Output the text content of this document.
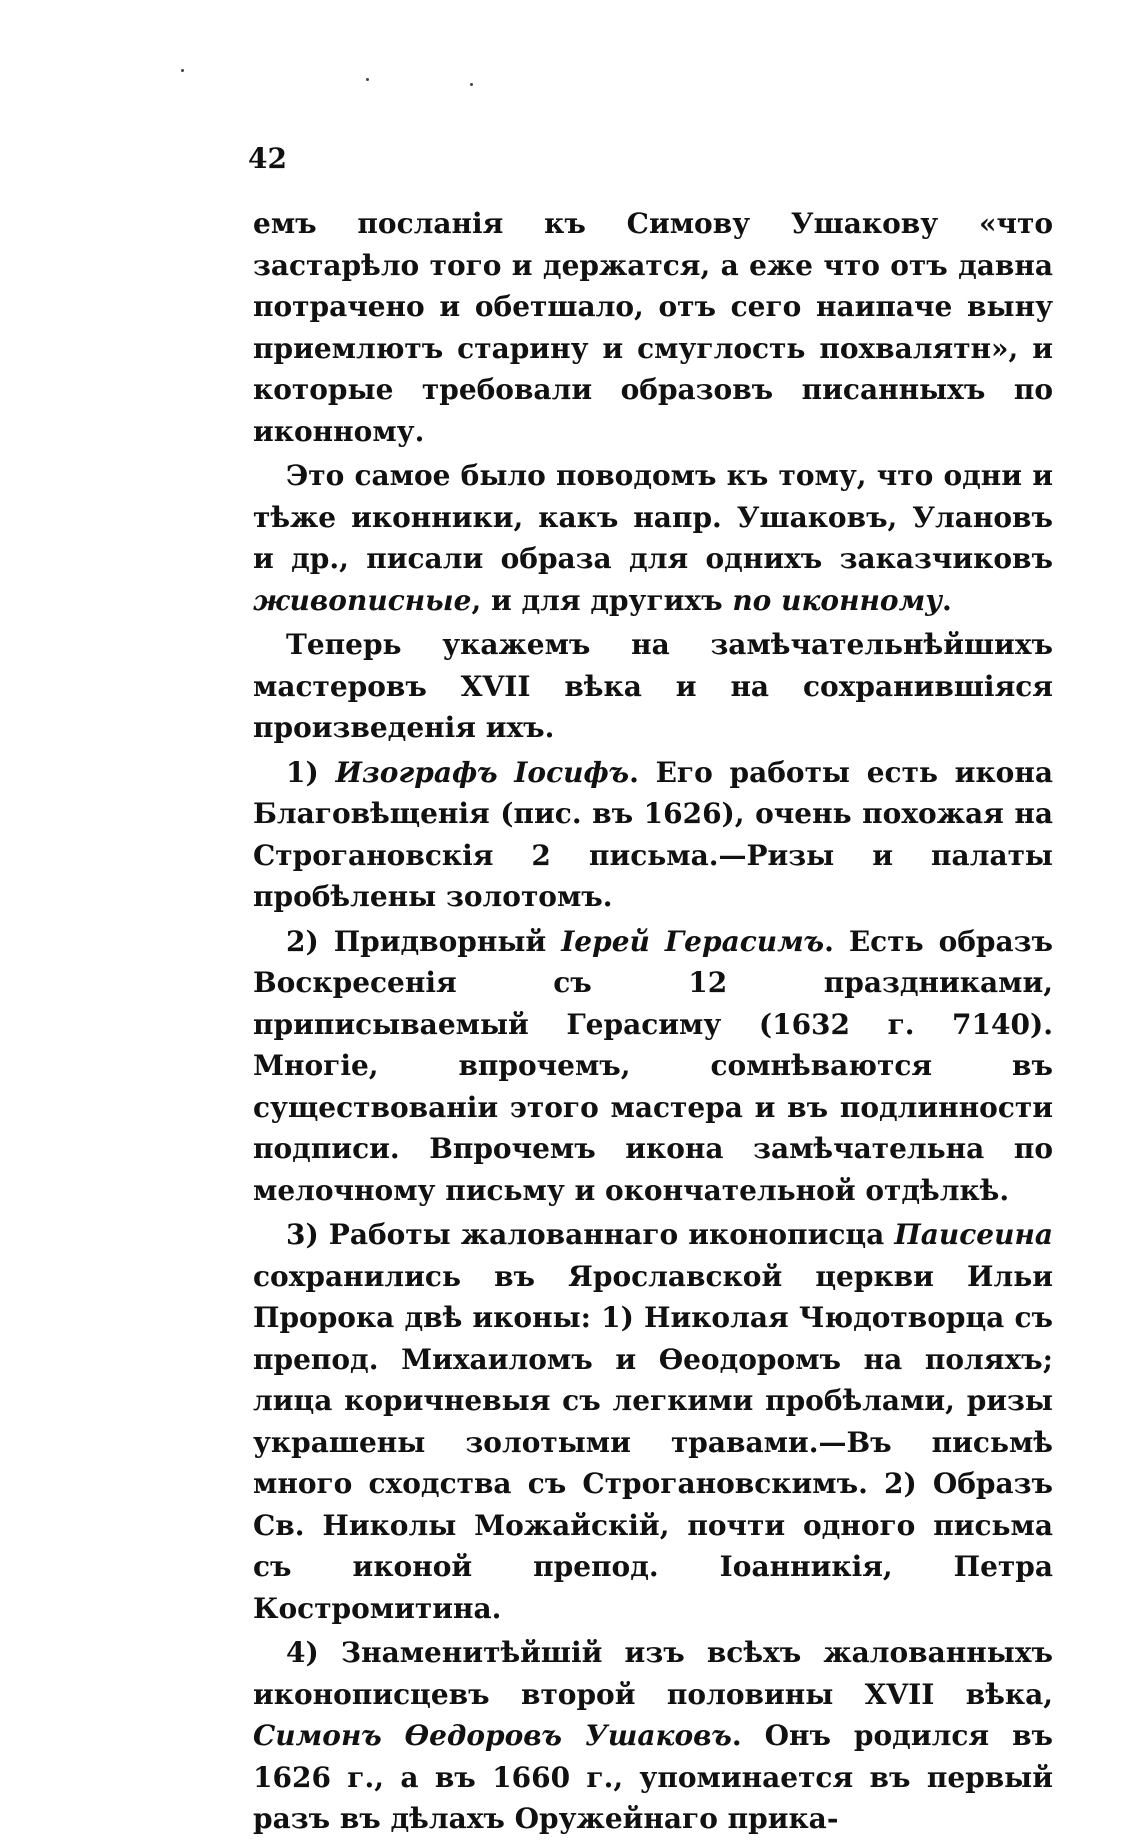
42

емъ посланія къ Симову Ушакову «что застарѣло того и держатся, а еже что отъ давна потрачено и обетшало, отъ сего наипаче выну приемлютъ старину и смуглость похвалятн», и которые требовали образовъ писанныхъ по иконному.

Это самое было поводомъ къ тому, что одни и тѣже иконники, какъ напр. Ушаковъ, Улановъ и др., писали образа для однихъ заказчиковъ живописные, и для другихъ по иконному.

Теперь укажемъ на замѣчательнѣйшихъ мастеровъ XVII вѣка и на сохранившіяся произведенія ихъ.

1) Изографъ Іосифъ. Его работы есть икона Благовѣщенія (пис. въ 1626), очень похожая на Строгановскія 2 письма.—Ризы и палаты пробѣлены золотомъ.

2) Придворный Іерей Герасимъ. Есть образъ Воскресенія съ 12 праздниками, приписываемый Герасиму (1632 г. 7140). Многіе, впрочемъ, сомнѣваются въ существованіи этого мастера и въ подлинности подписи. Впрочемъ икона замѣчательна по мелочному письму и окончательной отдѣлкѣ.

3) Работы жалованнаго иконописца Паисеина сохранились въ Ярославской церкви Ильи Пророка двѣ иконы: 1) Николая Чюдотворца съ препод. Михаиломъ и Ѳеодоромъ на поляхъ; лица коричневыя съ легкими пробѣлами, ризы украшены золотыми травами.—Въ письмѣ много сходства съ Строгановскимъ. 2) Образъ Св. Николы Можайскій, почти одного письма съ иконой препод. Іоанникія, Петра Костромитина.

4) Знаменитѣйшій изъ всѣхъ жалованныхъ иконописцевъ второй половины XVII вѣка, Симонъ Ѳедоровъ Ушаковъ. Онъ родился въ 1626 г., а въ 1660 г., упоминается въ первый разъ въ дѣлахъ Оружейнаго прика-
